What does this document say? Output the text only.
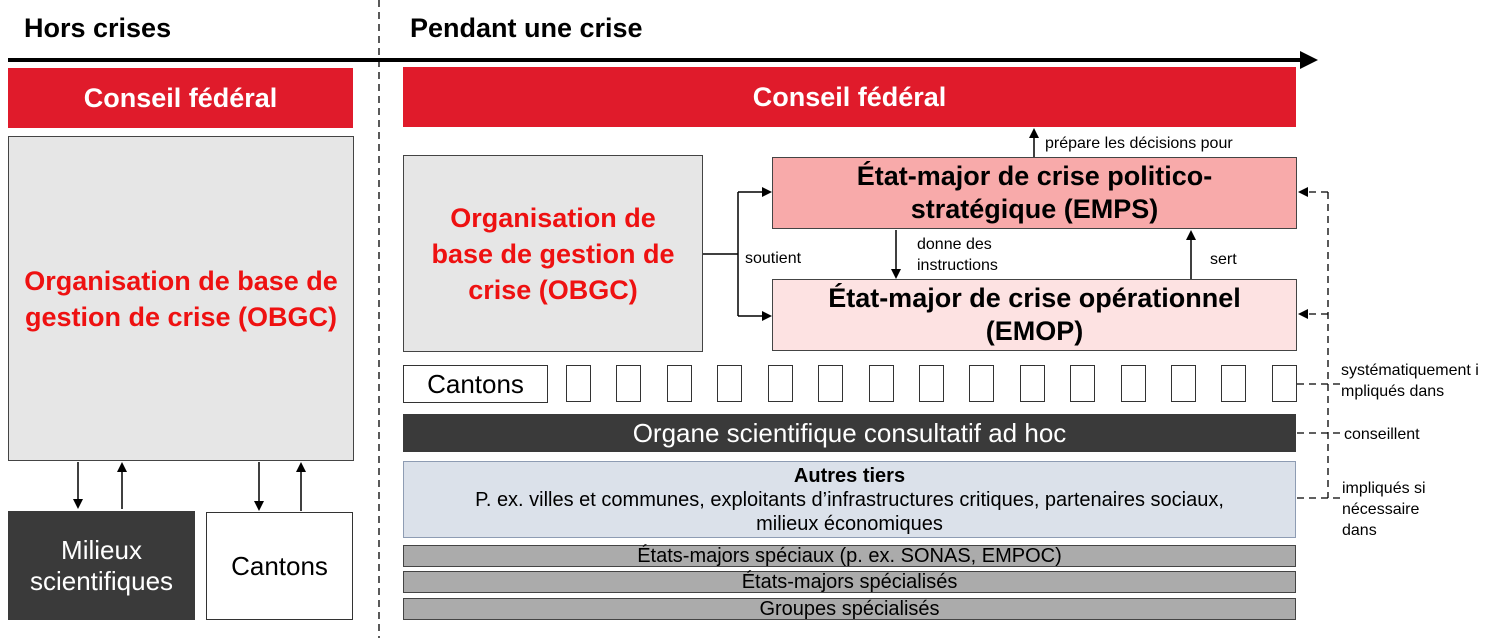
Hors crises	Pendant une crise
Conseil fédéral
Organisation de base de gestion de crise (OBGC)
Milieux scientifiques	Cantons
Conseil fédéral
prépare les décisions pour
Organisation de base de gestion de crise (OBGC)
État-major de crise politico-stratégique (EMPS)
soutient
donne des instructions	sert
État-major de crise opérationnel (EMOP)
Cantons
Organe scientifique consultatif ad hoc
Autres tiers
P. ex. villes et communes, exploitants d’infrastructures critiques, partenaires sociaux, milieux économiques
États-majors spéciaux (p. ex. SONAS, EMPOC)
États-majors spécialisés
Groupes spécialisés
systématiquement impliqués dans
conseillent
impliqués si nécessaire dans
